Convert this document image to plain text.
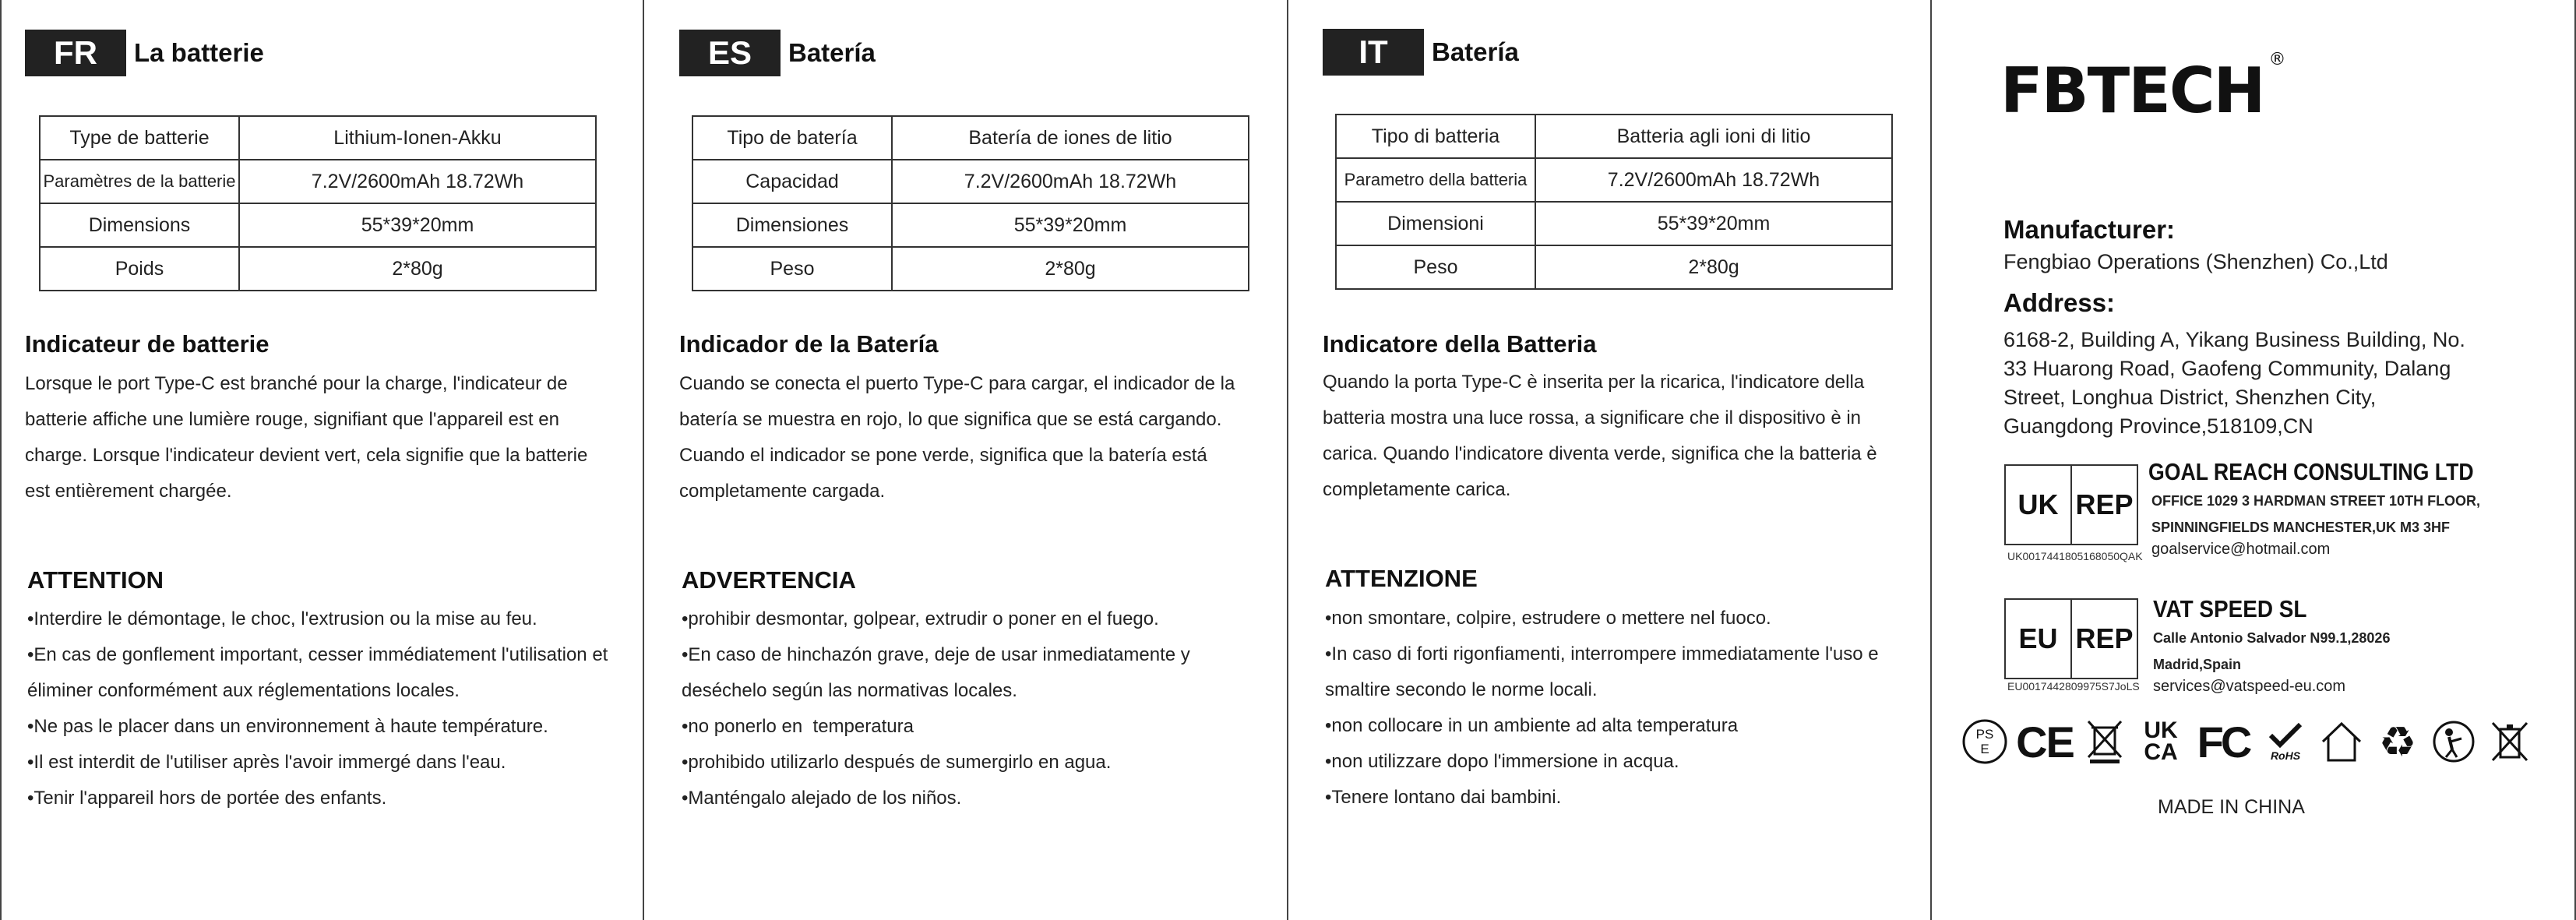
FR	La batterie
Type de batterie	Lithium-Ionen-Akku
Paramètres de la batterie	7.2V/2600mAh 18.72Wh
Dimensions	55*39*20mm
Poids	2*80g
Indicateur de batterie
Lorsque le port Type-C est branché pour la charge, l'indicateur de
batterie affiche une lumière rouge, signifiant que l'appareil est en
charge. Lorsque l'indicateur devient vert, cela signifie que la batterie
est entièrement chargée.
ATTENTION
•Interdire le démontage, le choc, l'extrusion ou la mise au feu.
•En cas de gonflement important, cesser immédiatement l'utilisation et
éliminer conformément aux réglementations locales.
•Ne pas le placer dans un environnement à haute température.
•Il est interdit de l'utiliser après l'avoir immergé dans l'eau.
•Tenir l'appareil hors de portée des enfants.
ES	Batería
Tipo de batería	Batería de iones de litio
Capacidad	7.2V/2600mAh 18.72Wh
Dimensiones	55*39*20mm
Peso	2*80g
Indicador de la Batería
Cuando se conecta el puerto Type-C para cargar, el indicador de la
batería se muestra en rojo, lo que significa que se está cargando.
Cuando el indicador se pone verde, significa que la batería está
completamente cargada.
ADVERTENCIA
•prohibir desmontar, golpear, extrudir o poner en el fuego.
•En caso de hinchazón grave, deje de usar inmediatamente y
deséchelo según las normativas locales.
•no ponerlo en  temperatura
•prohibido utilizarlo después de sumergirlo en agua.
•Manténgalo alejado de los niños.
IT	Batería
Tipo di batteria	Batteria agli ioni di litio
Parametro della batteria	7.2V/2600mAh 18.72Wh
Dimensioni	55*39*20mm
Peso	2*80g
Indicatore della Batteria
Quando la porta Type-C è inserita per la ricarica, l'indicatore della
batteria mostra una luce rossa, a significare che il dispositivo è in
carica. Quando l'indicatore diventa verde, significa che la batteria è
completamente carica.
ATTENZIONE
•non smontare, colpire, estrudere o mettere nel fuoco.
•In caso di forti rigonfiamenti, interrompere immediatamente l'uso e
smaltire secondo le norme locali.
•non collocare in un ambiente ad alta temperatura
•non utilizzare dopo l'immersione in acqua.
•Tenere lontano dai bambini.
FBTECH ®
Manufacturer:
Fengbiao Operations (Shenzhen) Co.,Ltd
Address:
6168-2, Building A, Yikang Business Building, No.
33 Huarong Road, Gaofeng Community, Dalang
Street, Longhua District, Shenzhen City,
Guangdong Province,518109,CN
UK REP
UK0017441805168050QAK
GOAL REACH CONSULTING LTD
OFFICE 1029 3 HARDMAN STREET 10TH FLOOR,
SPINNINGFIELDS MANCHESTER,UK M3 3HF
goalservice@hotmail.com
EU REP
EU0017442809975S7JoLS
VAT SPEED SL
Calle Antonio Salvador N99.1,28026
Madrid,Spain
services@vatspeed-eu.com
PS
E CE	UK
CA FC RoHS ♻
MADE IN CHINA
